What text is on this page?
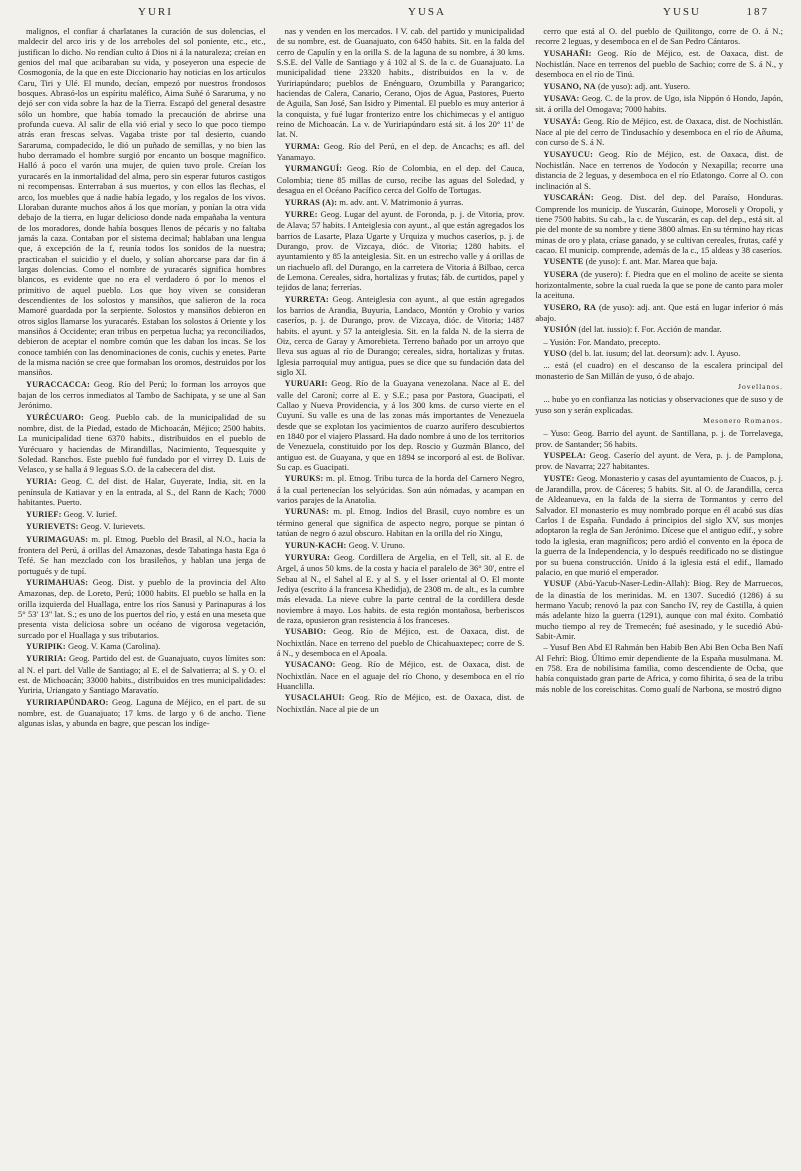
YURI	YUSA	YUSU	187

malignos, el confiar á charlatanes la curación de sus dolencias, el maldecir del arco iris y de los arreboles del sol poniente, etc., etc., justifican lo dicho. No rendían culto á Dios ni á la naturaleza; creían en genios del mal que acibaraban su vida, y poseyeron una especie de Cosmogonía, de la que en este Diccionario hay noticias en los artículos Caru, Tiri y Ulé. El mundo, decían, empezó por nuestros frondosos bosques. Abrasó-los un espíritu maléfico, Aima Suñé ó Sararuma, y no dejó ser con vida sobre la haz de la Tierra. Escapó del general desastre sólo un hombre, que había tomado la precaución de abrirse una profunda cueva. Al salir de ella vió erial y seco lo que poco tiempo atrás eran frescas selvas. Vagaba triste por tal desierto, cuando Sararuma, compadecido, le dió un puñado de semillas, y no bien las hubo derramado el hombre surgió por encanto un bosque magnífico. Halló á poco el varón una mujer, de quien tuvo prole. Creían los yuracarés en la inmortalidad del alma, pero sin esperar futuros castigos ni recompensas. Enterraban á sus muertos, y con ellos las flechas, el arco, los muebles que á nadie había legado, y los regalos de los vivos. Lloraban durante muchos años á los que morían, y ponían la otra vida debajo de la tierra, en lugar delicioso donde nada empañaba la ventura de los moradores, donde había bosques llenos de pécaris y no faltaba jamás la caza. Contaban por el sistema decimal; hablaban una lengua que, á excepción de la f, reunía todos los sonidos de la nuestra; practicaban el suicidio y el duelo, y solían ahorcarse para dar fin á largas dolencias. Como el nombre de yuracarés significa hombres blancos, es evidente que no era el verdadero ó por lo menos el primitivo de aquel pueblo. Los que hoy viven se consideran descendientes de los solostos y mansiños, que salieron de la roca Mamoré guardada por la serpiente. Solostos y mansiños debieron en otros siglos llamarse los yuracarés. Estaban los solostos á Oriente y los mansiños á Occidente; eran tribus en perpetua lucha; ya reconciliados, debieron de aceptar el nombre común que les daban los incas. Se los conoce también con las denominaciones de conis, cuchis y enetes. Parte de la misma nación se cree que formaban los oromos, destruidos por los mansiños.

YURACCACCA: Geog. Río del Perú; lo forman los arroyos que bajan de los cerros inmediatos al Tambo de Sachipata, y se une al San Jerónimo.

YURÉCUARO: Geog. Pueblo cab. de la municipalidad de su nombre, dist. de la Piedad, estado de Michoacán, Méjico; 2500 habits. La municipalidad tiene 6370 habits., distribuidos en el pueblo de Yurécuaro y haciendas de Mirandillas, Nacimiento, Tequesquite y Soledad. Ranchos. Este pueblo fué fundado por el virrey D. Luis de Velasco, y se halla á 9 leguas S.O. de la cabecera del dist.

YURIA: Geog. C. del dist. de Halar, Guyerate, India, sit. en la península de Katiavar y en la entrada, al S., del Rann de Kach; 7000 habitantes. Puerto.

YURIEF: Geog. V. Iurief.

YURIEVETS: Geog. V. Iurievets.

YURIMAGUAS: m. pl. Etnog. Pueblo del Brasil, al N.O., hacia la frontera del Perú, á orillas del Amazonas, desde Tabatinga hasta Ega ó Tefé. Se han mezclado con los brasileños, y hablan una jerga de portugués y de tupí.

YURIMAHUAS: Geog. Dist. y pueblo de la provincia del Alto Amazonas, dep. de Loreto, Perú; 1000 habits. El pueblo se halla en la orilla izquierda del Huallaga, entre los ríos Sanusi y Parinapuras á los 5° 53' 13" lat. S.; es uno de los puertos del río, y está en una meseta que presenta vista deliciosa sobre un océano de vigorosa vegetación, surcado por el Huallaga y sus tributarios.

YURIPIK: Geog. V. Kama (Carolina).

YURIRIA: Geog. Partido del est. de Guanajuato, cuyos límites son: al N. el part. del Valle de Santiago; al E. el de Salvatierra; al S. y O. el est. de Michoacán; 33000 habits., distribuidos en tres municipalidades: Yuriria, Uriangato y Santiago Maravatío.

YURIRIAPÚNDARO: Geog. Laguna de Méjico, en el part. de su nombre, est. de Guanajuato; 17 kms. de largo y 6 de ancho. Tiene algunas islas, y abunda en bagre, que pescan los indíge-

nas y venden en los mercados. ‖ V. cab. del partido y municipalidad de su nombre, est. de Guanajuato, con 6450 habits. Sit. en la falda del cerro de Capulín y en la orilla S. de la laguna de su nombre, á 30 kms. S.S.E. del Valle de Santiago y á 102 al S. de la c. de Guanajuato. La municipalidad tiene 23320 habits., distribuidos en la v. de Yuririapúndaro; pueblos de Enénguaro, Ozumbilla y Parangarico; haciendas de Calera, Canario, Cerano, Ojos de Agua, Pastores, Puerto de Aguila, San José, San Isidro y Pimental. El pueblo es muy anterior á la conquista, y fué lugar fronterizo entre los chichimecas y el antiguo reino de Michoacán. La v. de Yuririapúndaro está sit. á los 20° 11' de lat. N.

YURMA: Geog. Río del Perú, en el dep. de Ancachs; es afl. del Yanamayo.

YURMANGUÍ: Geog. Río de Colombia, en el dep. del Cauca, Colombia; tiene 85 millas de curso, recibe las aguas del Soledad, y desagua en el Océano Pacífico cerca del Golfo de Tortugas.

YURRAS (A): m. adv. ant. V. Matrimonio á yurras.

YURRE: Geog. Lugar del ayunt. de Foronda, p. j. de Vitoria, prov. de Alava; 57 habits. ‖ Anteiglesia con ayunt., al que están agregados los barrios de Lasarte, Plaza Ugarte y Urquiza y muchos caseríos, p. j. de Durango, prov. de Vizcaya, dióc. de Vitoria; 1280 habits. el ayuntamiento y 85 la anteiglesia. Sit. en un estrecho valle y á orillas de un riachuelo afl. del Durango, en la carretera de Vitoria á Bilbao, cerca de Lemona. Cereales, sidra, hortalizas y frutas; fáb. de curtidos, papel y tejidos de lana; ferrerías.

YURRETA: Geog. Anteiglesia con ayunt., al que están agregados los barrios de Arandia, Buyuria, Landaco, Montón y Orobio y varios caseríos, p. j. de Durango, prov. de Vizcaya, dióc. de Vitoria; 1487 habits. el ayunt. y 57 la anteiglesia. Sit. en la falda N. de la sierra de Oiz, cerca de Garay y Amorebieta. Terreno bañado por un arroyo que lleva sus aguas al río de Durango; cereales, sidra, hortalizas y frutas. Iglesia parroquial muy antigua, pues se dice que su fundación data del siglo XI.

YURUARI: Geog. Río de la Guayana venezolana. Nace al E. del valle del Caroní; corre al E. y S.E.; pasa por Pastora, Guacipati, el Callao y Nueva Providencia, y á los 300 kms. de curso vierte en el Cuyuní. Su valle es una de las zonas más importantes de Venezuela desde que se explotan los yacimientos de cuarzo aurífero descubiertos en 1840 por el viajero Plassard. Ha dado nombre á uno de los territorios de Venezuela, constituido por los dep. Roscio y Guzmán Blanco, del antiguo est. de Guayana, y que en 1894 se incorporó al est. de Bolívar. Su cap. es Guacipati.

YURUKS: m. pl. Etnog. Tribu turca de la horda del Carnero Negro, á la cual pertenecían los selyúcidas. Son aún nómadas, y acampan en varios parajes de la Anatolia.

YURUNAS: m. pl. Etnog. Indios del Brasil, cuyo nombre es un término general que significa de aspecto negro, porque se pintan ó tatúan de negro ó azul obscuro. Habitan en la orilla del río Xingu,

YURUN-KACH: Geog. V. Uruno.

YURYURA: Geog. Cordillera de Argelia, en el Tell, sit. al E. de Argel, á unos 50 kms. de la costa y hacia el paralelo de 36° 30', entre el Sebau al N., el Sahel al E. y al S. y el Isser oriental al O. El monte Jediya (escrito á la francesa Khedidja), de 2308 m. de alt., es la cumbre más elevada. La nieve cubre la parte central de la cordillera desde noviembre á mayo. Los habits. de esta región montañosa, berberiscos de raza, opusieron gran resistencia á los franceses.

YUSABIO: Geog. Río de Méjico, est. de Oaxaca, dist. de Nochixtlán. Nace en terreno del pueblo de Chicahuaxtepec; corre de S. á N., y desemboca en el Apoala.

YUSACANO: Geog. Río de Méjico, est. de Oaxaca, dist. de Nochixtlán. Nace en el aguaje del río Chono, y desemboca en el río Huanclilla.

YUSACLAHUI: Geog. Río de Méjico, est. de Oaxaca, dist. de Nochixtlán. Nace al pie de un

cerro que está al O. del pueblo de Quilitongo, corre de O. á N.; recorre 2 leguas, y desemboca en el de San Pedro Cántaros.

YUSAHAÑI: Geog. Río de Méjico, est. de Oaxaca, dist. de Nochistlán. Nace en terrenos del pueblo de Sachio; corre de S. á N., y desemboca en el río de Tinú.

YUSANO, NA (de yuso): adj. ant. Yusero.

YUSAVA: Geog. C. de la prov. de Ugo, isla Nippón ó Hondo, Japón, sit. á orilla del Omogava; 7000 habits.

YUSAYÁ: Geog. Río de Méjico, est. de Oaxaca, dist. de Nochistlán. Nace al pie del cerro de Tindusachío y desemboca en el río de Añuma, con curso de S. á N.

YUSAYUCU: Geog. Río de Méjico, est. de Oaxaca, dist. de Nochistlán. Nace en terrenos de Yodocón y Nexapilla; recorre una distancia de 2 leguas, y desemboca en el río Etlatongo. Corre al O. con inclinación al S.

YUSCARÁN: Geog. Dist. del dep. del Paraíso, Honduras. Comprende los municip. de Yuscarán, Guinope, Moroseli y Oropoli, y tiene 7500 habits. Su cab., la c. de Yuscarán, es cap. del dep., está sit. al pie del monte de su nombre y tiene 3800 almas. En su término hay ricas minas de oro y plata, críase ganado, y se cultivan cereales, frutas, café y cacao. El municip. comprende, además de la c., 15 aldeas y 38 caseríos.

YUSENTE (de yuso): f. ant. Mar. Marea que baja.

YUSERA (de yusero): f. Piedra que en el molino de aceite se sienta horizontalmente, sobre la cual rueda la que se pone de canto para moler la aceituna.

YUSERO, RA (de yuso): adj. ant. Que está en lugar inferior ó más abajo.

YUSIÓN (del lat. iussio): f. For. Acción de mandar.

– Yusión: For. Mandato, precepto.

YUSO (del b. lat. iusum; del lat. deorsum): adv. l. Ayuso.

... está (el cuadro) en el descanso de la escalera principal del monasterio de San Millán de yuso, ó de abajo.

Jovellanos.

... hube yo en confianza las noticias y observaciones que de suso y de yuso son y serán explicadas.

Mesonero Romanos.

– Yuso: Geog. Barrio del ayunt. de Santillana, p. j. de Torrelavega, prov. de Santander; 56 habits.

YUSPELA: Geog. Caserío del ayunt. de Vera, p. j. de Pamplona, prov. de Navarra; 227 habitantes.

YUSTE: Geog. Monasterio y casas del ayuntamiento de Cuacos, p. j. de Jarandilla, prov. de Cáceres; 5 habits. Sit. al O. de Jarandilla, cerca de Aldeanueva, en la falda de la sierra de Tormantos y cerro del Salvador. El monasterio es muy nombrado porque en él acabó sus días Carlos I de España. Fundado á principios del siglo XV, sus monjes adoptaron la regla de San Jerónimo. Dícese que el antiguo edif., y sobre todo la iglesia, eran magníficos; pero ardió el convento en la época de la guerra de la Independencia, y lo después reedificado no se distingue por su buena construcción. Unido á la iglesia está el edif., llamado palacio, en que murió el emperador.

YUSUF (Abú-Yacub-Naser-Ledin-Allah): Biog. Rey de Marruecos, de la dinastía de los merinidas. M. en 1307. Sucedió (1286) á su hermano Yacub; renovó la paz con Sancho IV, rey de Castilla, á quien más adelante hizo la guerra (1291), aunque con mal éxito. Combatió mucho tiempo al rey de Tremecén; fué asesinado, y le sucedió Abú-Sabit-Amir.

– Yusuf Ben Abd El Rahmán ben Habib Ben Abi Ben Ocba Ben Nafí Al Fehrí: Biog. Último emir dependiente de la España musulmana. M. en 758. Era de nobilísima familia, como descendiente de Ocba, que había conquistado gran parte de Africa, y como fihirita, ó sea de la tribu más noble de los coreischitas. Como gualí de Narbona, se mostró digno
